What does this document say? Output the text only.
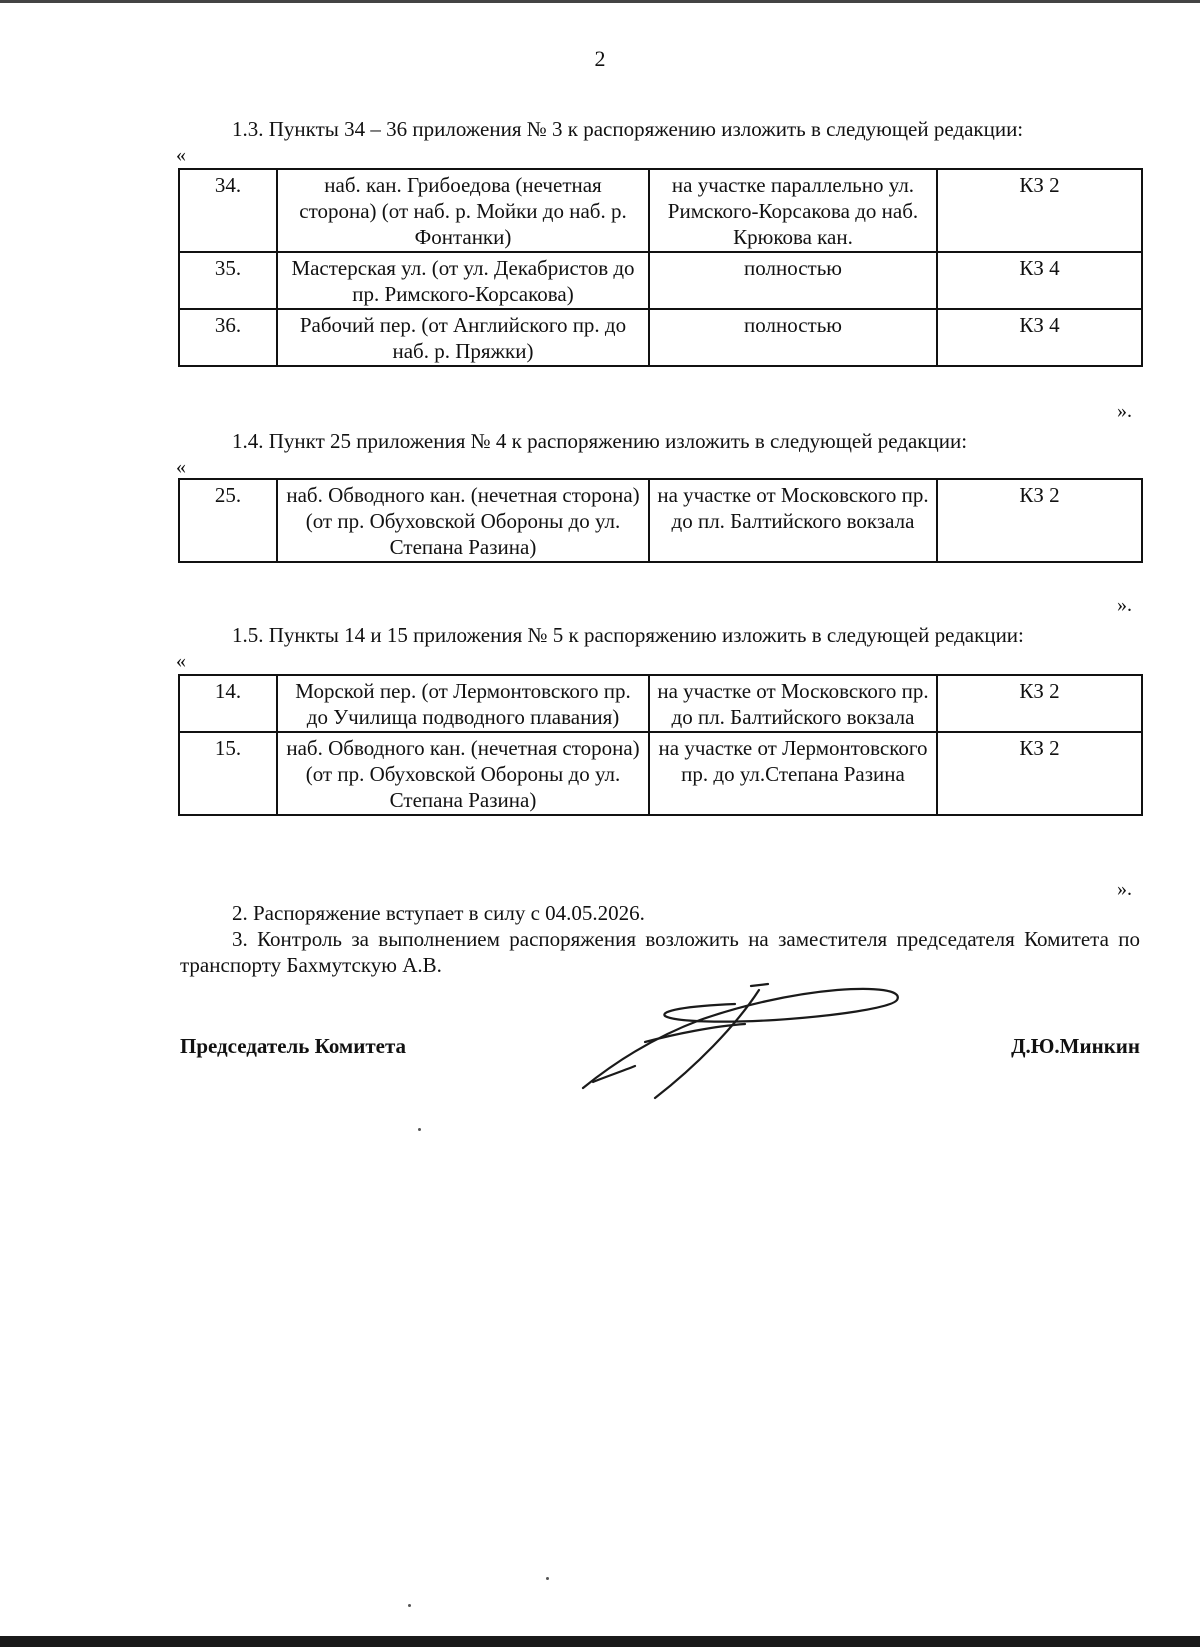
2
1.3. Пункты 34 – 36 приложения № 3 к распоряжению изложить в следующей редакции:
«
34.	наб. кан. Грибоедова (нечетная сторона) (от наб. р. Мойки до наб. р. Фонтанки)	на участке параллельно ул. Римского-Корсакова до наб. Крюкова кан.	КЗ 2
35.	Мастерская ул. (от ул. Декабристов до пр. Римского-Корсакова)	полностью	КЗ 4
36.	Рабочий пер. (от Английского пр. до наб. р. Пряжки)	полностью	КЗ 4
».
1.4. Пункт 25 приложения № 4 к распоряжению изложить в следующей редакции:
«
25.	наб. Обводного кан. (нечетная сторона) (от пр. Обуховской Обороны до ул. Степана Разина)	на участке от Московского пр. до пл. Балтийского вокзала	КЗ 2
».
1.5. Пункты 14 и 15 приложения № 5 к распоряжению изложить в следующей редакции:
«
14.	Морской пер. (от Лермонтовского пр. до Училища подводного плавания)	на участке от Московского пр. до пл. Балтийского вокзала	КЗ 2
15.	наб. Обводного кан. (нечетная сторона) (от пр. Обуховской Обороны до ул. Степана Разина)	на участке от Лермонтовского пр. до ул.Степана Разина	КЗ 2
».
2. Распоряжение вступает в силу с 04.05.2026.
3. Контроль за выполнением распоряжения возложить на заместителя председателя Комитета по транспорту Бахмутскую А.В.
Председатель Комитета	Д.Ю.Минкин
